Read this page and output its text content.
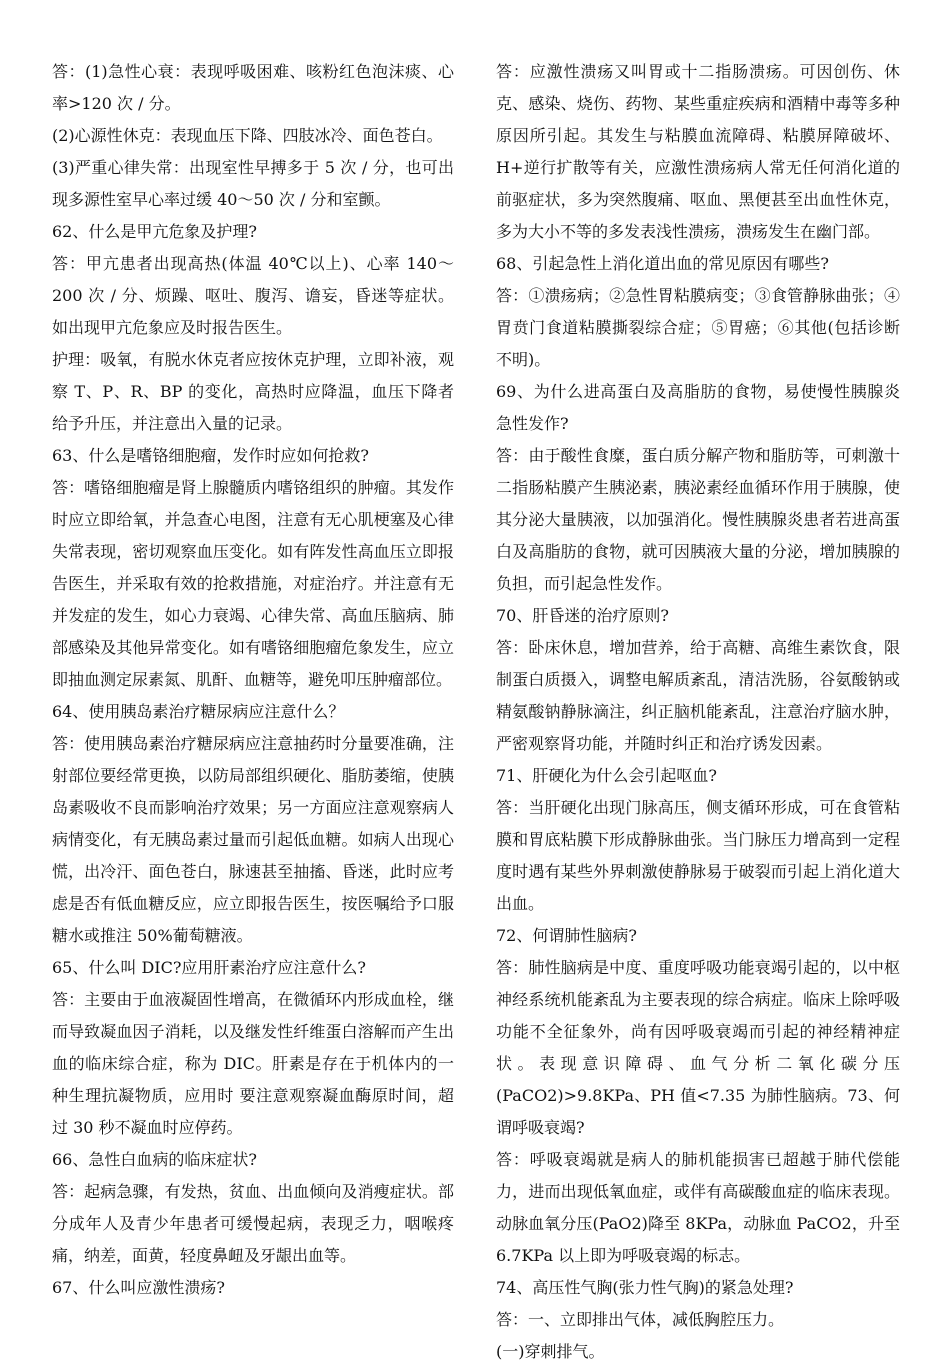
答：(1)急性心衰：表现呼吸困难、咳粉红色泡沫痰、心率>120 次 / 分。

(2)心源性休克：表现血压下降、四肢冰冷、面色苍白。

(3)严重心律失常：出现室性早搏多于 5 次 / 分，也可出现多源性室早心率过缓 40～50 次 / 分和室颤。

62、什么是甲亢危象及护理?

答：甲亢患者出现高热(体温 40℃以上)、心率 140～200 次 / 分、烦躁、呕吐、腹泻、谵妄，昏迷等症状。如出现甲亢危象应及时报告医生。

护理：吸氧，有脱水休克者应按休克护理，立即补液，观察 T、P、R、BP 的变化，高热时应降温，血压下降者给予升压，并注意出入量的记录。

63、什么是嗜铬细胞瘤，发作时应如何抢救?

答：嗜铬细胞瘤是肾上腺髓质内嗜铬组织的肿瘤。其发作时应立即给氧，并急查心电图，注意有无心肌梗塞及心律失常表现，密切观察血压变化。如有阵发性高血压立即报告医生，并采取有效的抢救措施，对症治疗。并注意有无并发症的发生，如心力衰竭、心律失常、高血压脑病、肺部感染及其他异常变化。如有嗜铬细胞瘤危象发生，应立即抽血测定尿素氮、肌酐、血糖等，避免叩压肿瘤部位。

64、使用胰岛素治疗糖尿病应注意什么？

答：使用胰岛素治疗糖尿病应注意抽药时分量要准确，注射部位要经常更换，以防局部组织硬化、脂肪萎缩，使胰岛素吸收不良而影响治疗效果；另一方面应注意观察病人病情变化，有无胰岛素过量而引起低血糖。如病人出现心慌，出冷汗、面色苍白，脉速甚至抽搐、昏迷，此时应考虑是否有低血糖反应，应立即报告医生，按医嘱给予口服糖水或推注 50%葡萄糖液。

65、什么叫 DIC?应用肝素治疗应注意什么?

答：主要由于血液凝固性增高，在微循环内形成血栓，继而导致凝血因子消耗，以及继发性纤维蛋白溶解而产生出血的临床综合症，称为 DIC。肝素是存在于机体内的一种生理抗凝物质，应用时 要注意观察凝血酶原时间，超过 30 秒不凝血时应停药。

66、急性白血病的临床症状?

答：起病急骤，有发热，贫血、出血倾向及消瘦症状。部分成年人及青少年患者可缓慢起病，表现乏力，咽喉疼痛，纳差，面黄，轻度鼻衄及牙龈出血等。

67、什么叫应激性溃疡?

答：应激性溃疡又叫胃或十二指肠溃疡。可因创伤、休克、感染、烧伤、药物、某些重症疾病和酒精中毒等多种原因所引起。其发生与粘膜血流障碍、粘膜屏障破坏、H+逆行扩散等有关，应激性溃疡病人常无任何消化道的前驱症状，多为突然腹痛、呕血、黑便甚至出血性休克，多为大小不等的多发表浅性溃疡，溃疡发生在幽门部。

68、引起急性上消化道出血的常见原因有哪些?

答：①溃疡病；②急性胃粘膜病变；③食管静脉曲张；④胃贲门食道粘膜撕裂综合症；⑤胃癌；⑥其他(包括诊断不明)。

69、为什么进高蛋白及高脂肪的食物，易使慢性胰腺炎急性发作?

答：由于酸性食糜，蛋白质分解产物和脂肪等，可刺激十二指肠粘膜产生胰泌素，胰泌素经血循环作用于胰腺，使其分泌大量胰液，以加强消化。慢性胰腺炎患者若进高蛋白及高脂肪的食物，就可因胰液大量的分泌，增加胰腺的负担，而引起急性发作。

70、肝昏迷的治疗原则?

答：卧床休息，增加营养，给于高糖、高维生素饮食，限制蛋白质摄入，调整电解质紊乱，清洁洗肠，谷氨酸钠或精氨酸钠静脉滴注，纠正脑机能紊乱，注意治疗脑水肿，严密观察肾功能，并随时纠正和治疗诱发因素。

71、肝硬化为什么会引起呕血?

答：当肝硬化出现门脉高压，侧支循环形成，可在食管粘膜和胃底粘膜下形成静脉曲张。当门脉压力增高到一定程度时遇有某些外界刺激使静脉易于破裂而引起上消化道大出血。

72、何谓肺性脑病?

答：肺性脑病是中度、重度呼吸功能衰竭引起的，以中枢神经系统机能紊乱为主要表现的综合病症。临床上除呼吸功能不全征象外，尚有因呼吸衰竭而引起的神经精神症状。表现意识障碍、血气分析二氧化碳分压(PaCO2)>9.8KPa、PH 值<7.35 为肺性脑病。73、何谓呼吸衰竭?

答：呼吸衰竭就是病人的肺机能损害已超越于肺代偿能力，进而出现低氧血症，或伴有高碳酸血症的临床表现。动脉血氧分压(PaO2)降至 8KPa，动脉血 PaCO2，升至 6.7KPa 以上即为呼吸衰竭的标志。

74、高压性气胸(张力性气胸)的紧急处理?

答：一、立即排出气体，减低胸腔压力。

(一)穿刺排气。
